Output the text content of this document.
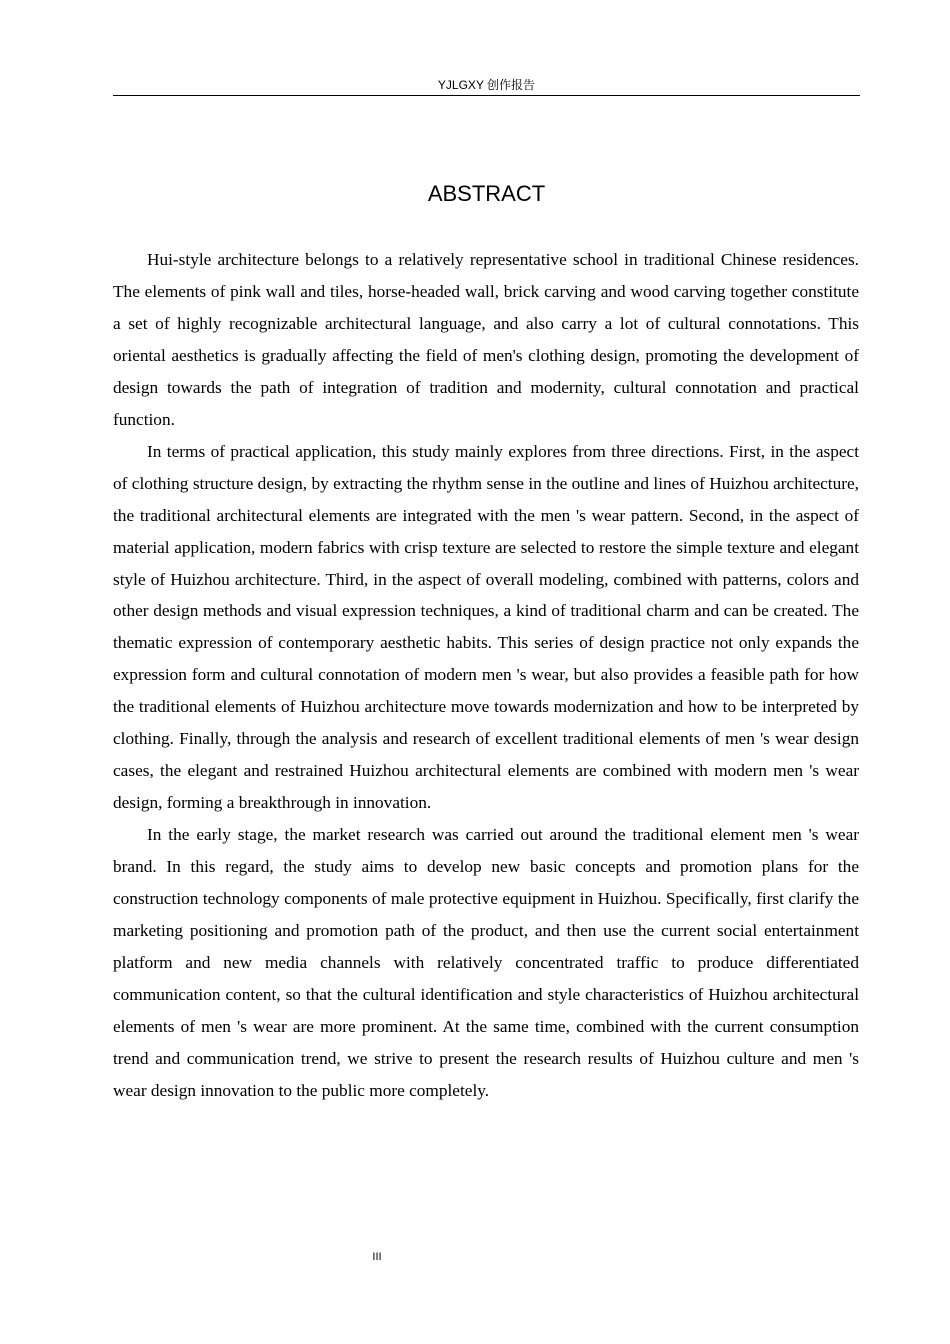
YJLGXY 创作报告
ABSTRACT

Hui-style architecture belongs to a relatively representative school in traditional Chinese residences. The elements of pink wall and tiles, horse-headed wall, brick carving and wood carving together constitute a set of highly recognizable architectural language, and also carry a lot of cultural connotations. This oriental aesthetics is gradually affecting the field of men's clothing design, promoting the development of design towards the path of integration of tradition and modernity, cultural connotation and practical function.

In terms of practical application, this study mainly explores from three directions. First, in the aspect of clothing structure design, by extracting the rhythm sense in the outline and lines of Huizhou architecture, the traditional architectural elements are integrated with the men 's wear pattern. Second, in the aspect of material application, modern fabrics with crisp texture are selected to restore the simple texture and elegant style of Huizhou architecture. Third, in the aspect of overall modeling, combined with patterns, colors and other design methods and visual expression techniques, a kind of traditional charm and can be created. The thematic expression of contemporary aesthetic habits. This series of design practice not only expands the expression form and cultural connotation of modern men 's wear, but also provides a feasible path for how the traditional elements of Huizhou architecture move towards modernization and how to be interpreted by clothing. Finally, through the analysis and research of excellent traditional elements of men 's wear design cases, the elegant and restrained Huizhou architectural elements are combined with modern men 's wear design, forming a breakthrough in innovation.

In the early stage, the market research was carried out around the traditional element men 's wear brand. In this regard, the study aims to develop new basic concepts and promotion plans for the construction technology components of male protective equipment in Huizhou. Specifically, first clarify the marketing positioning and promotion path of the product, and then use the current social entertainment platform and new media channels with relatively concentrated traffic to produce differentiated communication content, so that the cultural identification and style characteristics of Huizhou architectural elements of men 's wear are more prominent. At the same time, combined with the current consumption trend and communication trend, we strive to present the research results of Huizhou culture and men 's wear design innovation to the public more completely.

III
